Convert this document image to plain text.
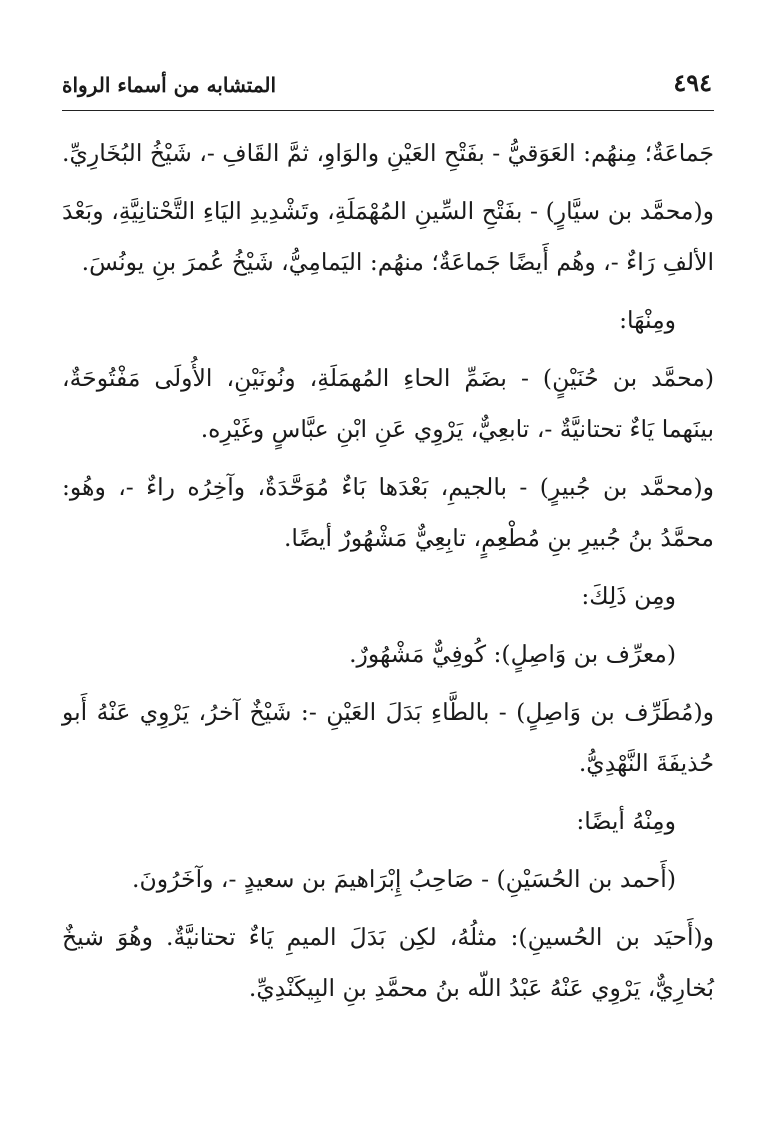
٤٩٤
المتشابه من أسماء الرواة

جَماعَةٌ؛ مِنهُم: العَوَقيُّ - بفَتْحِ العَيْنِ والوَاوِ، ثمَّ القَافِ -، شَيْخُ البُخَارِيِّ.

و(محمَّد بن سيَّارٍ) - بفَتْحِ السِّينِ المُهْمَلَةِ، وتَشْدِيدِ اليَاءِ التَّحْتانِيَّةِ، وبَعْدَ الألفِ رَاءٌ -، وهُم أَيضًا جَماعَةٌ؛ منهُم: اليَمامِيُّ، شَيْخُ عُمرَ بنِ يونُسَ.

ومِنْهَا:

(محمَّد بن حُنَيْنٍ) - بضَمِّ الحاءِ المُهمَلَةِ، ونُونَيْنِ، الأُولَى مَفْتُوحَةٌ، بينَهما يَاءٌ تحتانيَّةٌ -، تابعِيٌّ، يَرْوِي عَنِ ابْنِ عبَّاسٍ وغَيْرِه.

و(محمَّد بن جُبيرٍ) - بالجيمِ، بَعْدَها بَاءٌ مُوَحَّدَةٌ، وآخِرُه راءٌ -، وهُو: محمَّدُ بنُ جُبيرِ بنِ مُطْعِمٍ، تابِعِيٌّ مَشْهُورٌ أيضًا.

ومِن ذَلِكَ:

(معرِّف بن وَاصِلٍ): كُوفِيٌّ مَشْهُورٌ.

و(مُطَرِّف بن وَاصِلٍ) - بالطَّاءِ بَدَلَ العَيْنِ -: شَيْخٌ آخرُ، يَرْوِي عَنْهُ أَبو حُذيفَةَ النَّهْدِيُّ.

ومِنْهُ أيضًا:

(أَحمد بن الحُسَيْنِ) - صَاحِبُ إِبْرَاهيمَ بن سعيدٍ -، وآخَرُونَ.

و(أَحيَد بن الحُسينِ): مثلُهُ، لكِن بَدَلَ الميمِ يَاءٌ تحتانيَّةٌ. وهُوَ شيخٌ بُخارِيٌّ، يَرْوِي عَنْهُ عَبْدُ اللّه بنُ محمَّدِ بنِ البِيكَنْدِيِّ.
